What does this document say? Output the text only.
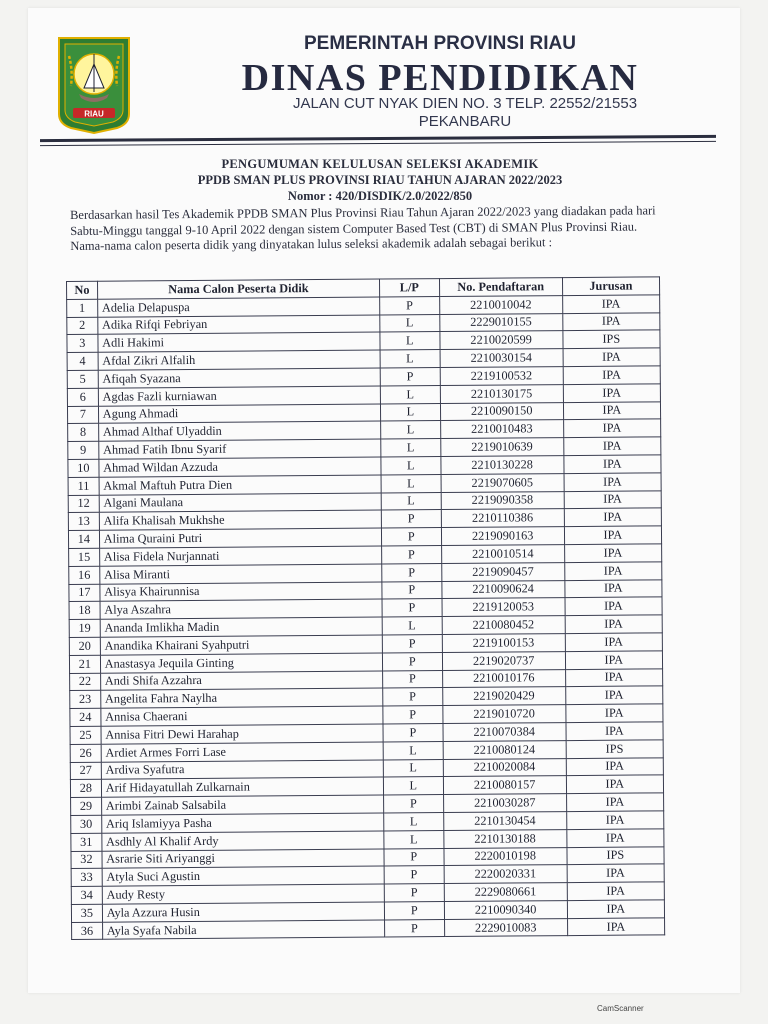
RIAU
PEMERINTAH PROVINSI RIAU
DINAS PENDIDIKAN
JALAN CUT NYAK DIEN NO. 3 TELP. 22552/21553
PEKANBARU
PENGUMUMAN KELULUSAN SELEKSI AKADEMIK
PPDB SMAN PLUS PROVINSI RIAU TAHUN AJARAN 2022/2023
Nomor : 420/DISDIK/2.0/2022/850
Berdasarkan hasil Tes Akademik PPDB SMAN Plus Provinsi Riau Tahun Ajaran 2022/2023 yang diadakan pada hari Sabtu-Minggu tanggal 9-10 April 2022 dengan sistem Computer Based Test (CBT) di SMAN Plus Provinsi Riau. Nama-nama calon peserta didik yang dinyatakan lulus seleksi akademik adalah sebagai berikut :
No	Nama Calon Peserta Didik	L/P	No. Pendaftaran	Jurusan
1	Adelia Delapuspa	P	2210010042	IPA
2	Adika Rifqi Febriyan	L	2229010155	IPA
3	Adli Hakimi	L	2210020599	IPS
4	Afdal Zikri Alfalih	L	2210030154	IPA
5	Afiqah Syazana	P	2219100532	IPA
6	Agdas Fazli kurniawan	L	2210130175	IPA
7	Agung Ahmadi	L	2210090150	IPA
8	Ahmad Althaf Ulyaddin	L	2210010483	IPA
9	Ahmad Fatih Ibnu Syarif	L	2219010639	IPA
10	Ahmad Wildan Azzuda	L	2210130228	IPA
11	Akmal Maftuh Putra Dien	L	2219070605	IPA
12	Algani Maulana	L	2219090358	IPA
13	Alifa Khalisah Mukhshe	P	2210110386	IPA
14	Alima Quraini Putri	P	2219090163	IPA
15	Alisa Fidela Nurjannati	P	2210010514	IPA
16	Alisa Miranti	P	2219090457	IPA
17	Alisya Khairunnisa	P	2210090624	IPA
18	Alya Aszahra	P	2219120053	IPA
19	Ananda Imlikha Madin	L	2210080452	IPA
20	Anandika Khairani Syahputri	P	2219100153	IPA
21	Anastasya Jequila Ginting	P	2219020737	IPA
22	Andi Shifa Azzahra	P	2210010176	IPA
23	Angelita Fahra Naylha	P	2219020429	IPA
24	Annisa Chaerani	P	2219010720	IPA
25	Annisa Fitri Dewi Harahap	P	2210070384	IPA
26	Ardiet Armes Forri Lase	L	2210080124	IPS
27	Ardiva Syafutra	L	2210020084	IPA
28	Arif Hidayatullah Zulkarnain	L	2210080157	IPA
29	Arimbi Zainab Salsabila	P	2210030287	IPA
30	Ariq Islamiyya Pasha	L	2210130454	IPA
31	Asdhly Al Khalif Ardy	L	2210130188	IPA
32	Asrarie Siti Ariyanggi	P	2220010198	IPS
33	Atyla Suci Agustin	P	2220020331	IPA
34	Audy Resty	P	2229080661	IPA
35	Ayla Azzura Husin	P	2210090340	IPA
36	Ayla Syafa Nabila	P	2229010083	IPA
CamScanner
